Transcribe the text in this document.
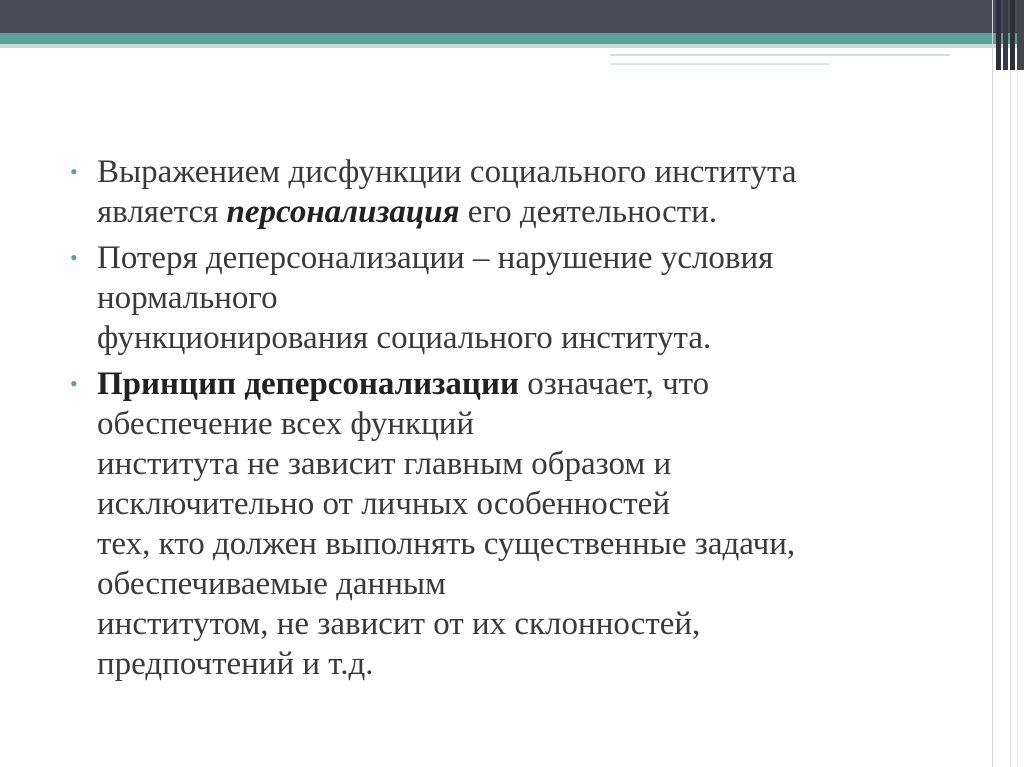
• Выражением дисфункции социального института
является персонализация его деятельности.
• Потеря деперсонализации – нарушение условия
нормального
функционирования социального института.
• Принцип деперсонализации означает, что
обеспечение всех функций
института не зависит главным образом и
исключительно от личных особенностей
тех, кто должен выполнять существенные задачи,
обеспечиваемые данным
институтом, не зависит от их склонностей,
предпочтений и т.д.
